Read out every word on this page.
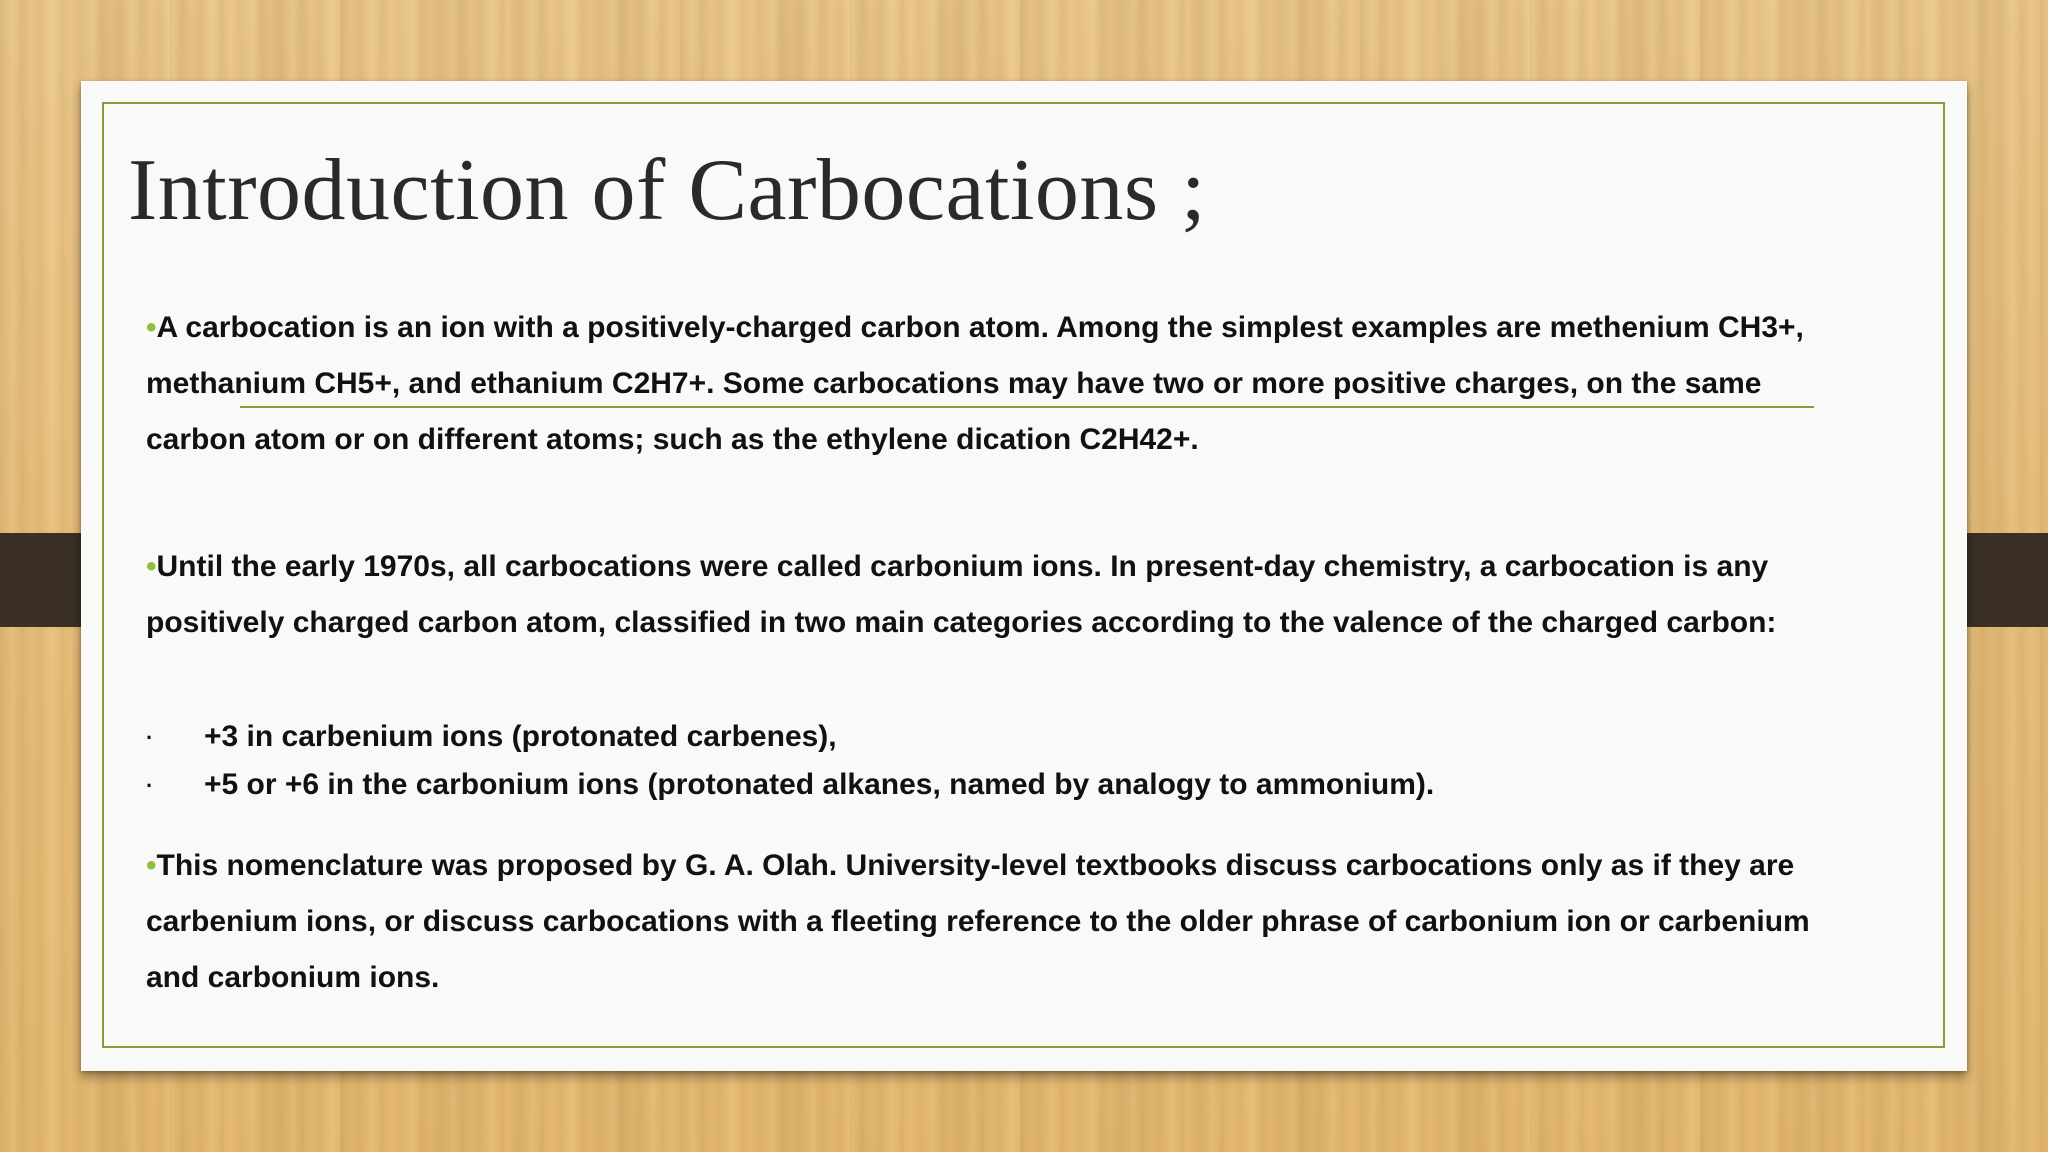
Introduction of Carbocations ;
•A carbocation is an ion with a positively-charged carbon atom. Among the simplest examples are methenium CH3+, methanium CH5+, and ethanium C2H7+. Some carbocations may have two or more positive charges, on the same carbon atom or on different atoms; such as the ethylene dication C2H42+.
•Until the early 1970s, all carbocations were called carbonium ions. In present-day chemistry, a carbocation is any positively charged carbon atom, classified in two main categories according to the valence of the charged carbon:
· +3 in carbenium ions (protonated carbenes),
· +5 or +6 in the carbonium ions (protonated alkanes, named by analogy to ammonium).
•This nomenclature was proposed by G. A. Olah. University-level textbooks discuss carbocations only as if they are carbenium ions, or discuss carbocations with a fleeting reference to the older phrase of carbonium ion or carbenium and carbonium ions.
